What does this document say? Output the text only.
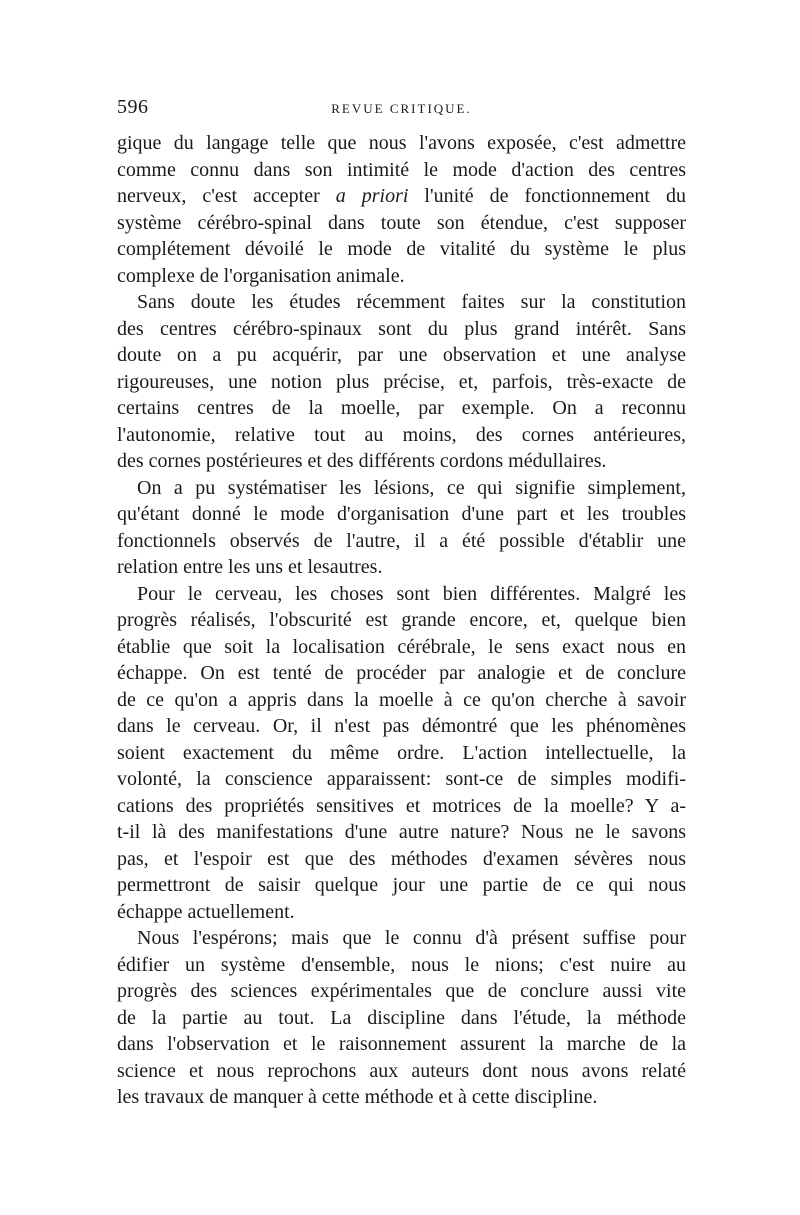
596	REVUE CRITIQUE.
gique du langage telle que nous l'avons exposée, c'est admettre
comme connu dans son intimité le mode d'action des centres
nerveux, c'est accepter a priori l'unité de fonctionnement du
système cérébro-spinal dans toute son étendue, c'est supposer
complétement dévoilé le mode de vitalité du système le plus
complexe de l'organisation animale.
Sans doute les études récemment faites sur la constitution
des centres cérébro-spinaux sont du plus grand intérêt. Sans
doute on a pu acquérir, par une observation et une analyse
rigoureuses, une notion plus précise, et, parfois, très-exacte de
certains centres de la moelle, par exemple. On a reconnu
l'autonomie, relative tout au moins, des cornes antérieures,
des cornes postérieures et des différents cordons médullaires.
On a pu systématiser les lésions, ce qui signifie simplement,
qu'étant donné le mode d'organisation d'une part et les troubles
fonctionnels observés de l'autre, il a été possible d'établir une
relation entre les uns et lesautres.
Pour le cerveau, les choses sont bien différentes. Malgré les
progrès réalisés, l'obscurité est grande encore, et, quelque bien
établie que soit la localisation cérébrale, le sens exact nous en
échappe. On est tenté de procéder par analogie et de conclure
de ce qu'on a appris dans la moelle à ce qu'on cherche à savoir
dans le cerveau. Or, il n'est pas démontré que les phénomènes
soient exactement du même ordre. L'action intellectuelle, la
volonté, la conscience apparaissent: sont-ce de simples modifi-
cations des propriétés sensitives et motrices de la moelle? Y a-
t-il là des manifestations d'une autre nature? Nous ne le savons
pas, et l'espoir est que des méthodes d'examen sévères nous
permettront de saisir quelque jour une partie de ce qui nous
échappe actuellement.
Nous l'espérons; mais que le connu d'à présent suffise pour
édifier un système d'ensemble, nous le nions; c'est nuire au
progrès des sciences expérimentales que de conclure aussi vite
de la partie au tout. La discipline dans l'étude, la méthode
dans l'observation et le raisonnement assurent la marche de la
science et nous reprochons aux auteurs dont nous avons relaté
les travaux de manquer à cette méthode et à cette discipline.
